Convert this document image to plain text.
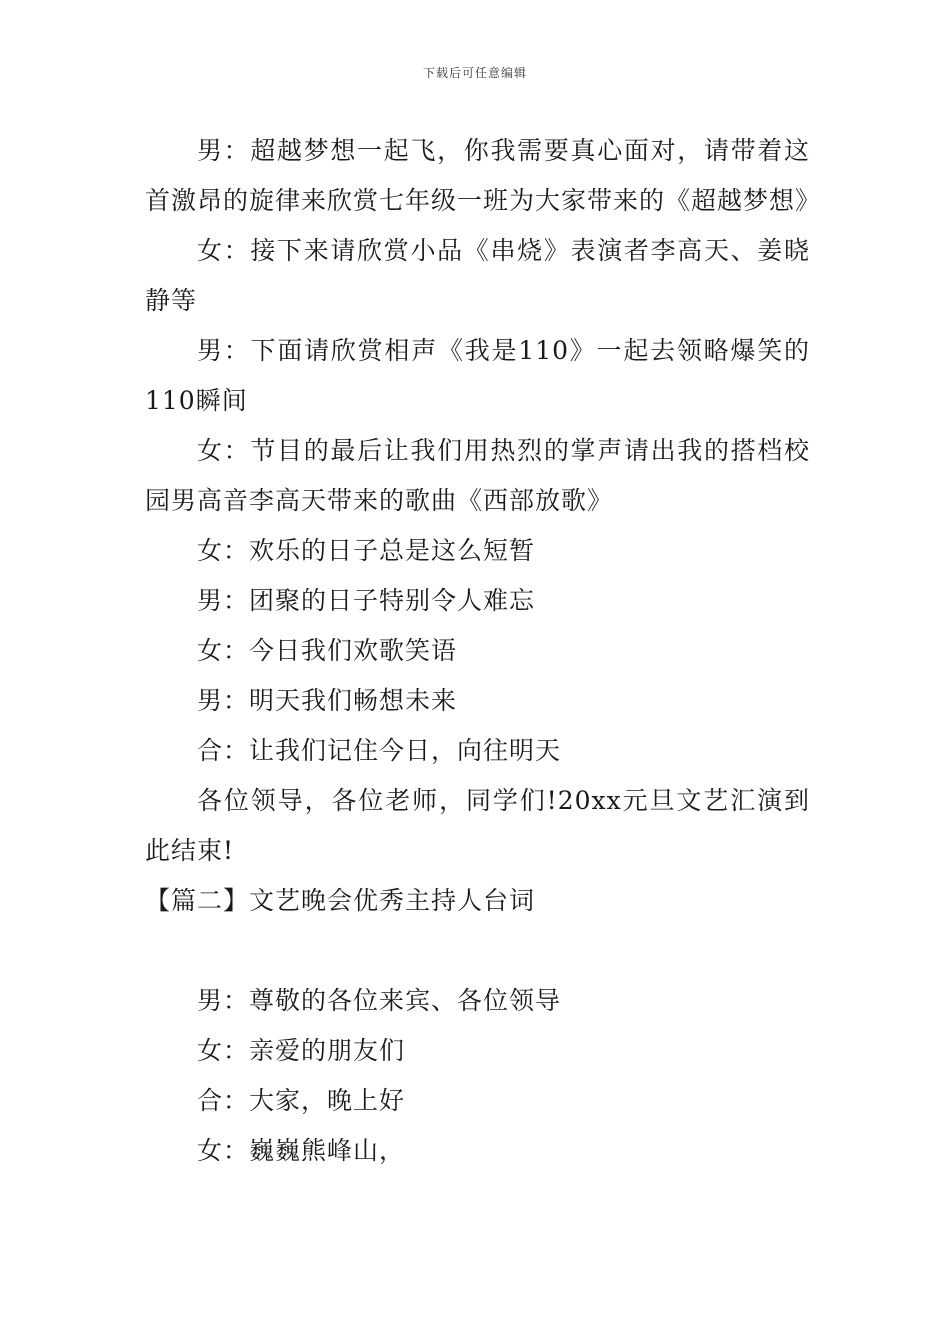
下载后可任意编辑

男：超越梦想一起飞，你我需要真心面对，请带着这首激昂的旋律来欣赏七年级一班为大家带来的《超越梦想》

女：接下来请欣赏小品《串烧》表演者李高天、姜晓静等

男：下面请欣赏相声《我是110》一起去领略爆笑的110瞬间

女：节目的最后让我们用热烈的掌声请出我的搭档校园男高音李高天带来的歌曲《西部放歌》

女：欢乐的日子总是这么短暂

男：团聚的日子特别令人难忘

女：今日我们欢歌笑语

男：明天我们畅想未来

合：让我们记住今日，向往明天

各位领导，各位老师，同学们!20xx元旦文艺汇演到此结束!

【篇二】文艺晚会优秀主持人台词

男：尊敬的各位来宾、各位领导

女：亲爱的朋友们

合：大家，晚上好

女：巍巍熊峰山，
